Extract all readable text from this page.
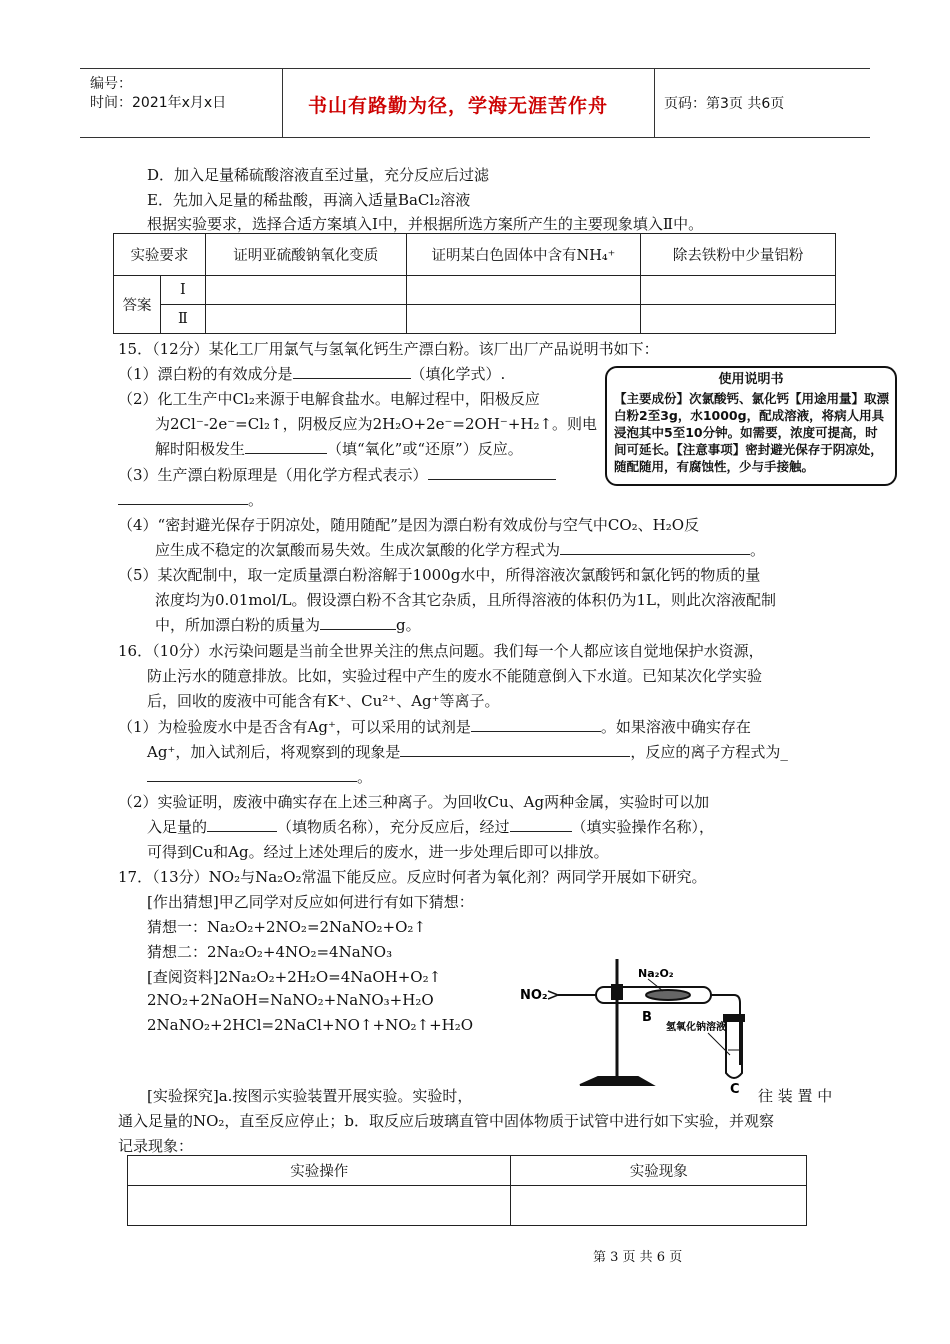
编号：
时间：2021年x月x日	书山有路勤为径，学海无涯苦作舟	页码：第3页 共6页
D．加入足量稀硫酸溶液直至过量，充分反应后过滤
E．先加入足量的稀盐酸，再滴入适量BaCl₂溶液
根据实验要求，选择合适方案填入Ⅰ中，并根据所选方案所产生的主要现象填入Ⅱ中。
实验要求		证明亚硫酸钠氧化变质	证明某白色固体中含有NH₄⁺	除去铁粉中少量铝粉
答案	Ⅰ			
	Ⅱ			
15．（12分）某化工厂用氯气与氢氧化钙生产漂白粉。该厂出厂产品说明书如下：
（1）漂白粉的有效成分是	（填化学式）.
（2）化工生产中Cl₂来源于电解食盐水。电解过程中，阳极反应
为2Cl⁻-2e⁻=Cl₂↑，阴极反应为2H₂O+2e⁻=2OH⁻+H₂↑。则电
解时阳极发生	（填“氧化”或“还原”）反应。
（3）生产漂白粉原理是（用化学方程式表示）
。
使用说明书
【主要成份】次氯酸钙、氯化钙【用途用量】取漂白粉2至3g，水1000g，配成溶液，将病人用具浸泡其中5至10分钟。如需要，浓度可提高，时间可延长。【注意事项】密封避光保存于阴凉处，随配随用，有腐蚀性，少与手接触。
（4）“密封避光保存于阴凉处，随用随配”是因为漂白粉有效成份与空气中CO₂、H₂O反
应生成不稳定的次氯酸而易失效。生成次氯酸的化学方程式为	。
（5）某次配制中，取一定质量漂白粉溶解于1000g水中，所得溶液次氯酸钙和氯化钙的物质的量
浓度均为0.01mol/L。假设漂白粉不含其它杂质，且所得溶液的体积仍为1L，则此次溶液配制
中，所加漂白粉的质量为	g。
16．（10分）水污染问题是当前全世界关注的焦点问题。我们每一个人都应该自觉地保护水资源，
防止污水的随意排放。比如，实验过程中产生的废水不能随意倒入下水道。已知某次化学实验
后，回收的废液中可能含有K⁺、Cu²⁺、Ag⁺等离子。
（1）为检验废水中是否含有Ag⁺，可以采用的试剂是	。如果溶液中确实存在
Ag⁺，加入试剂后，将观察到的现象是	，反应的离子方程式为_
。
（2）实验证明，废液中确实存在上述三种离子。为回收Cu、Ag两种金属，实验时可以加
入足量的	（填物质名称），充分反应后，经过	（填实验操作名称），
可得到Cu和Ag。经过上述处理后的废水，进一步处理后即可以排放。
17．（13分）NO₂与Na₂O₂常温下能反应。反应时何者为氧化剂？两同学开展如下研究。
[作出猜想]甲乙同学对反应如何进行有如下猜想：
猜想一：Na₂O₂+2NO₂=2NaNO₂+O₂↑
猜想二：2Na₂O₂+4NO₂=4NaNO₃
[查阅资料]2Na₂O₂+2H₂O=4NaOH+O₂↑
2NO₂+2NaOH=NaNO₂+NaNO₃+H₂O
2NaNO₂+2HCl=2NaCl+NO↑+NO₂↑+H₂O
NO₂
Na₂O₂
B
C
氢氧化钠溶液
[实验探究]a.按图示实验装置开展实验。实验时，	往 装 置 中
通入足量的NO₂，直至反应停止；b．取反应后玻璃直管中固体物质于试管中进行如下实验，并观察
记录现象：
实验操作	实验现象

第 3 页 共 6 页
